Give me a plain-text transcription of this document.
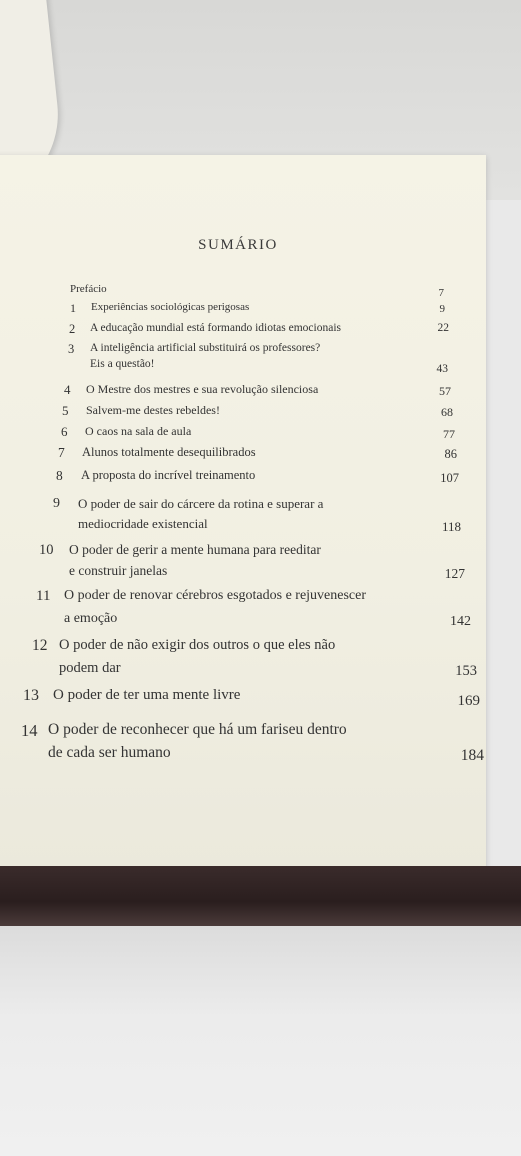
SUMÁRIO
Prefácio	7
1 Experiências sociológicas perigosas	9
2 A educação mundial está formando idiotas emocionais	22
3 A inteligência artificial substituirá os professores?
Eis a questão!	43
4 O Mestre dos mestres e sua revolução silenciosa	57
5 Salvem-me destes rebeldes!	68
6 O caos na sala de aula	77
7 Alunos totalmente desequilibrados	86
8 A proposta do incrível treinamento	107
9 O poder de sair do cárcere da rotina e superar a
mediocridade existencial	118
10 O poder de gerir a mente humana para reeditar
e construir janelas	127
11 O poder de renovar cérebros esgotados e rejuvenescer
a emoção	142
12 O poder de não exigir dos outros o que eles não
podem dar	153
13 O poder de ter uma mente livre	169
14 O poder de reconhecer que há um fariseu dentro
de cada ser humano	184
